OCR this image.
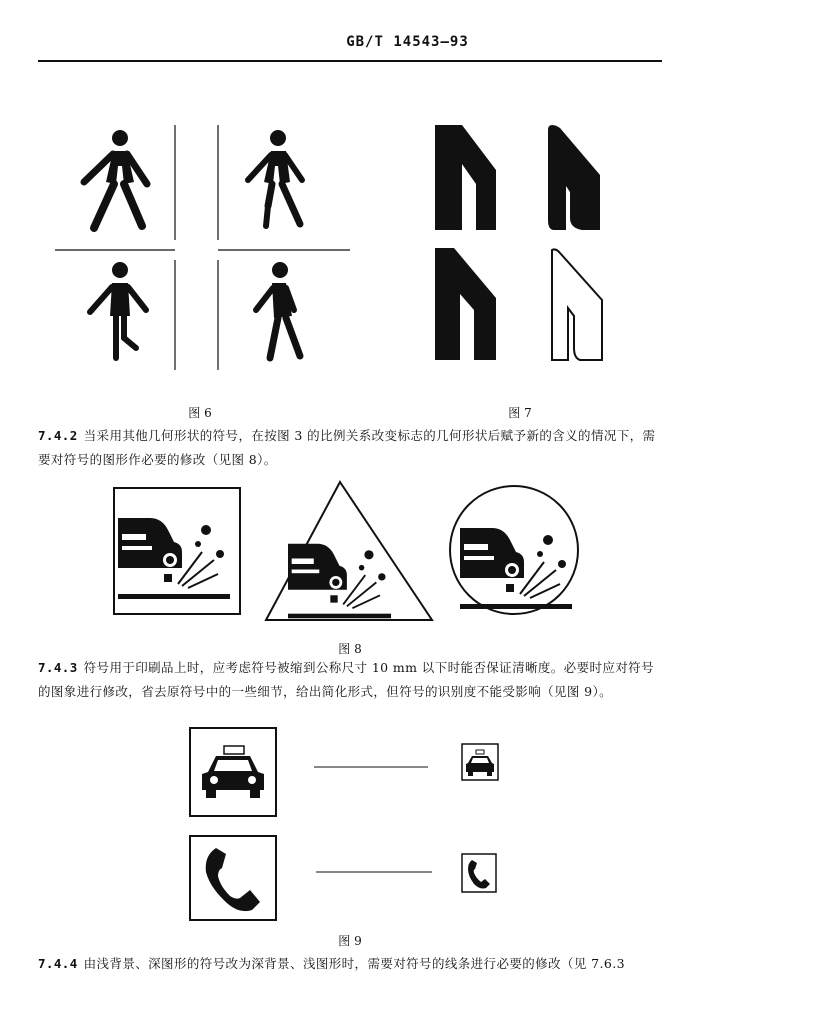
GB/T 14543—93
图 6	图 7
7.4.2 当采用其他几何形状的符号，在按图 3 的比例关系改变标志的几何形状后赋予新的含义的情况下，需要对符号的图形作必要的修改（见图 8）。
图 8
7.4.3 符号用于印刷品上时，应考虑符号被缩到公称尺寸 10 mm 以下时能否保证清晰度。必要时应对符号的图象进行修改，省去原符号中的一些细节，给出简化形式，但符号的识别度不能受影响（见图 9）。
图 9
7.4.4 由浅背景、深图形的符号改为深背景、浅图形时，需要对符号的线条进行必要的修改（见 7.6.3
